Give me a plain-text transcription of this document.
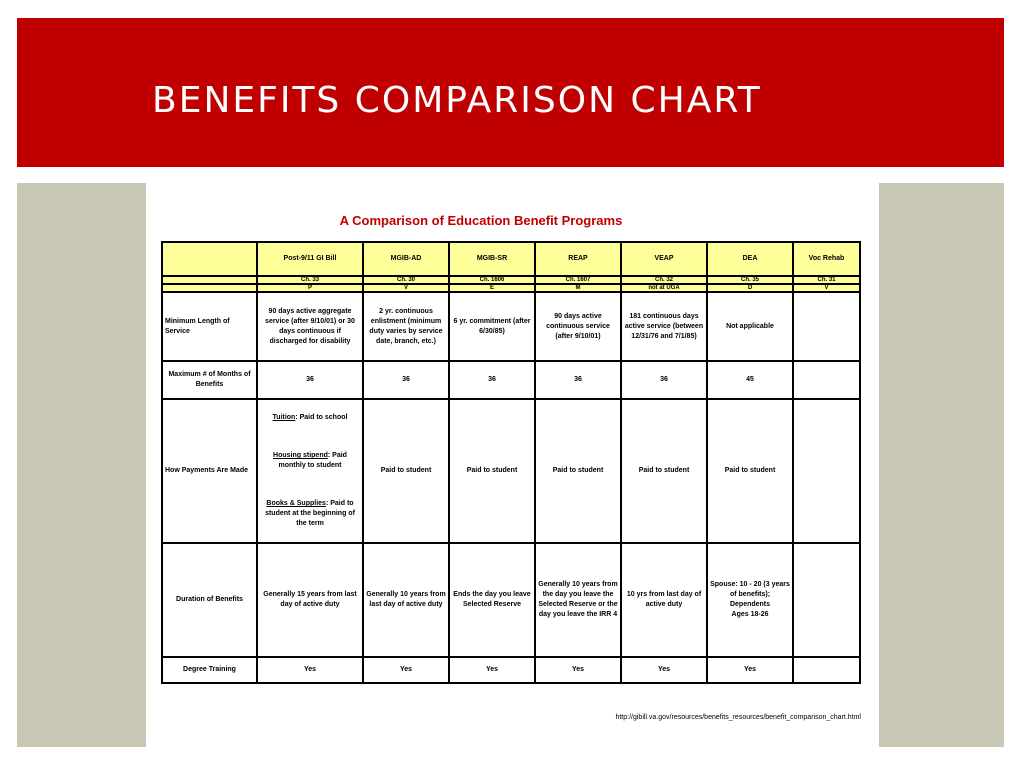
BENEFITS COMPARISON CHART

A Comparison of Education Benefit Programs

	Post-9/11 GI Bill	MGIB-AD	MGIB-SR	REAP	VEAP	DEA	Voc Rehab
	Ch. 33	Ch. 30	Ch. 1606	Ch. 1607	Ch. 32	Ch. 35	Ch. 31
	P	V	E	M	not at UGA	D	V
Minimum Length of Service	90 days active aggregate service (after 9/10/01) or 30 days continuous if discharged for disability	2 yr. continuous enlistment (minimum duty varies by service date, branch, etc.)	6 yr. commitment (after 6/30/85)	90 days active continuous service (after 9/10/01)	181 continuous days active service (between 12/31/76 and 7/1/85)	Not applicable	
Maximum # of Months of Benefits	36	36	36	36	36	45	
How Payments Are Made	Tuition: Paid to school
Housing stipend: Paid monthly to student
Books & Supplies: Paid to student at the beginning of the term	Paid to student	Paid to student	Paid to student	Paid to student	Paid to student	
Duration of Benefits	Generally 15 years from last day of active duty	Generally 10 years from last day of active duty	Ends the day you leave Selected Reserve	Generally 10 years from the day you leave the Selected Reserve or the day you leave the IRR 4	10 yrs from last day of active duty	Spouse: 10 - 20 (3 years of benefits);
Dependents
Ages 18-26	

Degree Training	Yes	Yes	Yes	Yes	Yes	Yes	

http://gibill.va.gov/resources/benefits_resources/benefit_comparison_chart.html
